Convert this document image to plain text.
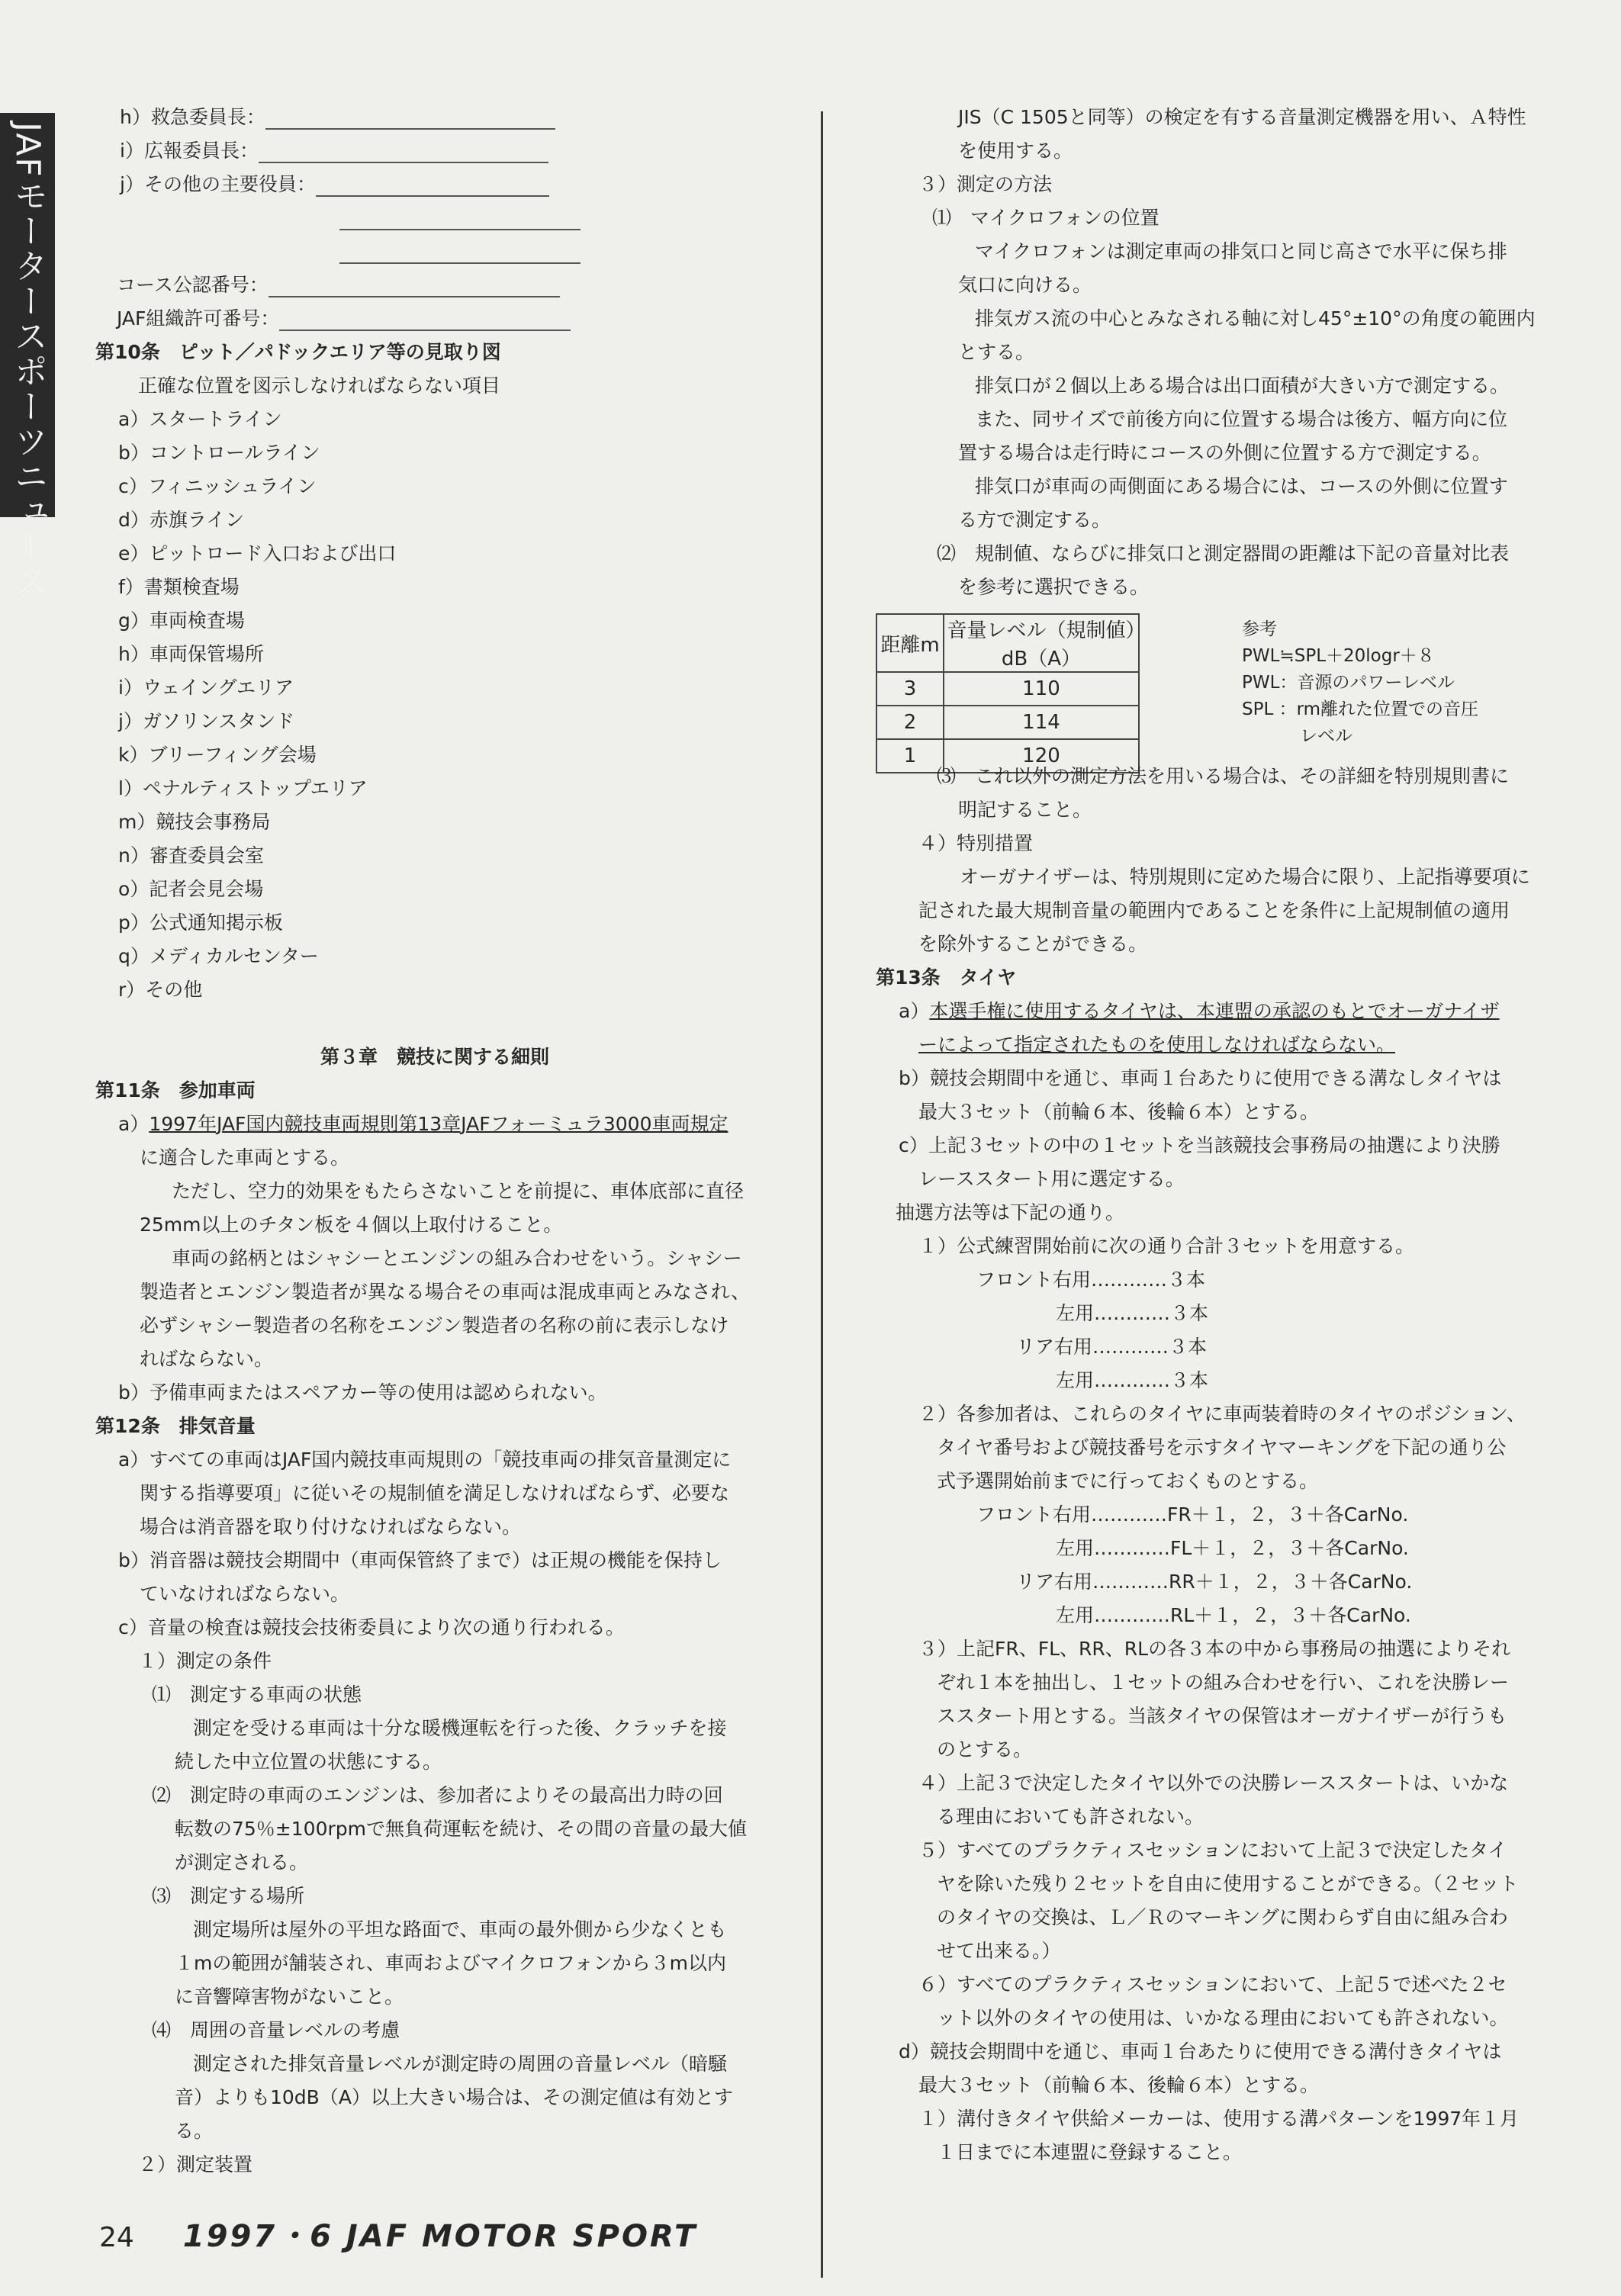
JAFモータースポーツニュース
h）救急委員長：
i）広報委員長：
j）その他の主要役員：
コース公認番号：
JAF組織許可番号：
第10条　ピット／パドックエリア等の見取り図
正確な位置を図示しなければならない項目
a）スタートライン
b）コントロールライン
c）フィニッシュライン
d）赤旗ライン
e）ピットロード入口および出口
f）書類検査場
g）車両検査場
h）車両保管場所
i）ウェイングエリア
j）ガソリンスタンド
k）ブリーフィング会場
l）ペナルティストップエリア
m）競技会事務局
n）審査委員会室
o）記者会見会場
p）公式通知掲示板
q）メディカルセンター
r）その他
第３章　競技に関する細則
第11条　参加車両
a）1997年JAF国内競技車両規則第13章JAFフォーミュラ3000車両規定
に適合した車両とする。
ただし、空力的効果をもたらさないことを前提に、車体底部に直径
25mm以上のチタン板を４個以上取付けること。
車両の銘柄とはシャシーとエンジンの組み合わせをいう。シャシー
製造者とエンジン製造者が異なる場合その車両は混成車両とみなされ、
必ずシャシー製造者の名称をエンジン製造者の名称の前に表示しなけ
ればならない。
b）予備車両またはスペアカー等の使用は認められない。
第12条　排気音量
a）すべての車両はJAF国内競技車両規則の「競技車両の排気音量測定に
関する指導要項」に従いその規制値を満足しなければならず、必要な
場合は消音器を取り付けなければならない。
b）消音器は競技会期間中（車両保管終了まで）は正規の機能を保持し
ていなければならない。
c）音量の検査は競技会技術委員により次の通り行われる。
１）測定の条件
⑴　測定する車両の状態
測定を受ける車両は十分な暖機運転を行った後、クラッチを接
続した中立位置の状態にする。
⑵　測定時の車両のエンジンは、参加者によりその最高出力時の回
転数の75％±100rpmで無負荷運転を続け、その間の音量の最大値
が測定される。
⑶　測定する場所
測定場所は屋外の平坦な路面で、車両の最外側から少なくとも
１mの範囲が舗装され、車両およびマイクロフォンから３m以内
に音響障害物がないこと。
⑷　周囲の音量レベルの考慮
測定された排気音量レベルが測定時の周囲の音量レベル（暗騒
音）よりも10dB（A）以上大きい場合は、その測定値は有効とす
る。
２）測定装置
JIS（C 1505と同等）の検定を有する音量測定機器を用い、Ａ特性
を使用する。
３）測定の方法
⑴　マイクロフォンの位置
マイクロフォンは測定車両の排気口と同じ高さで水平に保ち排
気口に向ける。
排気ガス流の中心とみなされる軸に対し45°±10°の角度の範囲内
とする。
排気口が２個以上ある場合は出口面積が大きい方で測定する。
また、同サイズで前後方向に位置する場合は後方、幅方向に位
置する場合は走行時にコースの外側に位置する方で測定する。
排気口が車両の両側面にある場合には、コースの外側に位置す
る方で測定する。
⑵　規制値、ならびに排気口と測定器間の距離は下記の音量対比表
を参考に選択できる。
距離m	音量レベル（規制値）dB（A）
3	110
2	114
1	120
参考
PWL≒SPL＋20logr＋８
PWL：音源のパワーレベル
SPL ：rm離れた位置での音圧
レベル
⑶　これ以外の測定方法を用いる場合は、その詳細を特別規則書に
明記すること。
４）特別措置
オーガナイザーは、特別規則に定めた場合に限り、上記指導要項に
記された最大規制音量の範囲内であることを条件に上記規制値の適用
を除外することができる。
第13条　タイヤ
a）本選手権に使用するタイヤは、本連盟の承認のもとでオーガナイザ
ーによって指定されたものを使用しなければならない。
b）競技会期間中を通じ、車両１台あたりに使用できる溝なしタイヤは
最大３セット（前輪６本、後輪６本）とする。
c）上記３セットの中の１セットを当該競技会事務局の抽選により決勝
レーススタート用に選定する。
抽選方法等は下記の通り。
１）公式練習開始前に次の通り合計３セットを用意する。
フロント右用…………３本
左用…………３本
リア右用…………３本
左用…………３本
２）各参加者は、これらのタイヤに車両装着時のタイヤのポジション、
タイヤ番号および競技番号を示すタイヤマーキングを下記の通り公
式予選開始前までに行っておくものとする。
フロント右用…………FR＋１，２，３＋各CarNo.
左用…………FL＋１，２，３＋各CarNo.
リア右用…………RR＋１，２，３＋各CarNo.
左用…………RL＋１，２，３＋各CarNo.
３）上記FR、FL、RR、RLの各３本の中から事務局の抽選によりそれ
ぞれ１本を抽出し、１セットの組み合わせを行い、これを決勝レー
ススタート用とする。当該タイヤの保管はオーガナイザーが行うも
のとする。
４）上記３で決定したタイヤ以外での決勝レーススタートは、いかな
る理由においても許されない。
５）すべてのプラクティスセッションにおいて上記３で決定したタイ
ヤを除いた残り２セットを自由に使用することができる。（２セット
のタイヤの交換は、Ｌ／Ｒのマーキングに関わらず自由に組み合わ
せて出来る。）
６）すべてのプラクティスセッションにおいて、上記５で述べた２セ
ット以外のタイヤの使用は、いかなる理由においても許されない。
d）競技会期間中を通じ、車両１台あたりに使用できる溝付きタイヤは
最大３セット（前輪６本、後輪６本）とする。
１）溝付きタイヤ供給メーカーは、使用する溝パターンを1997年１月
１日までに本連盟に登録すること。
24 1997・6 JAF MOTOR SPORT
